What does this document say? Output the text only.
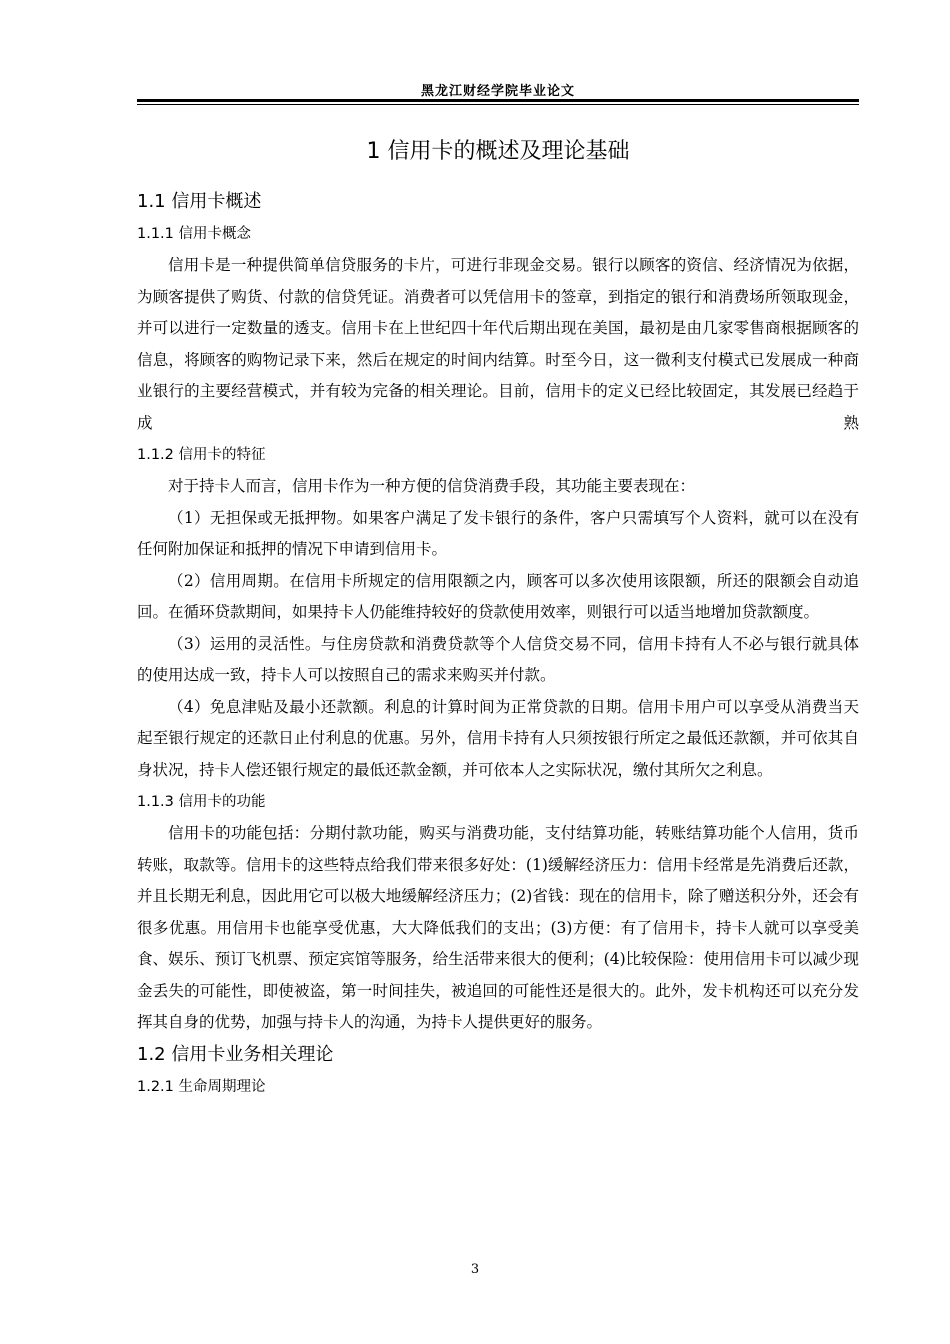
黑龙江财经学院毕业论文
1 信用卡的概述及理论基础
1.1 信用卡概述
1.1.1 信用卡概念
信用卡是一种提供简单信贷服务的卡片，可进行非现金交易。银行以顾客的资信、经济情况为依据，为顾客提供了购货、付款的信贷凭证。消费者可以凭信用卡的签章，到指定的银行和消费场所领取现金，并可以进行一定数量的透支。信用卡在上世纪四十年代后期出现在美国，最初是由几家零售商根据顾客的信息，将顾客的购物记录下来，然后在规定的时间内结算。时至今日，这一微利支付模式已发展成一种商业银行的主要经营模式，并有较为完备的相关理论。目前，信用卡的定义已经比较固定，其发展已经趋于成熟
1.1.2 信用卡的特征
对于持卡人而言，信用卡作为一种方便的信贷消费手段，其功能主要表现在：
（1）无担保或无抵押物。如果客户满足了发卡银行的条件，客户只需填写个人资料，就可以在没有任何附加保证和抵押的情况下申请到信用卡。
（2）信用周期。在信用卡所规定的信用限额之内，顾客可以多次使用该限额，所还的限额会自动追回。在循环贷款期间，如果持卡人仍能维持较好的贷款使用效率，则银行可以适当地增加贷款额度。
（3）运用的灵活性。与住房贷款和消费贷款等个人信贷交易不同，信用卡持有人不必与银行就具体的使用达成一致，持卡人可以按照自己的需求来购买并付款。
（4）免息津贴及最小还款额。利息的计算时间为正常贷款的日期。信用卡用户可以享受从消费当天起至银行规定的还款日止付利息的优惠。另外，信用卡持有人只须按银行所定之最低还款额，并可依其自身状况，持卡人偿还银行规定的最低还款金额，并可依本人之实际状况，缴付其所欠之利息。
1.1.3 信用卡的功能
信用卡的功能包括：分期付款功能，购买与消费功能，支付结算功能，转账结算功能个人信用，货币转账，取款等。信用卡的这些特点给我们带来很多好处：(1)缓解经济压力：信用卡经常是先消费后还款，并且长期无利息，因此用它可以极大地缓解经济压力；(2)省钱：现在的信用卡，除了赠送积分外，还会有很多优惠。用信用卡也能享受优惠，大大降低我们的支出；(3)方便：有了信用卡，持卡人就可以享受美食、娱乐、预订飞机票、预定宾馆等服务，给生活带来很大的便利；(4)比较保险：使用信用卡可以减少现金丢失的可能性，即使被盗，第一时间挂失，被追回的可能性还是很大的。此外，发卡机构还可以充分发挥其自身的优势，加强与持卡人的沟通，为持卡人提供更好的服务。
1.2 信用卡业务相关理论
1.2.1 生命周期理论
3
